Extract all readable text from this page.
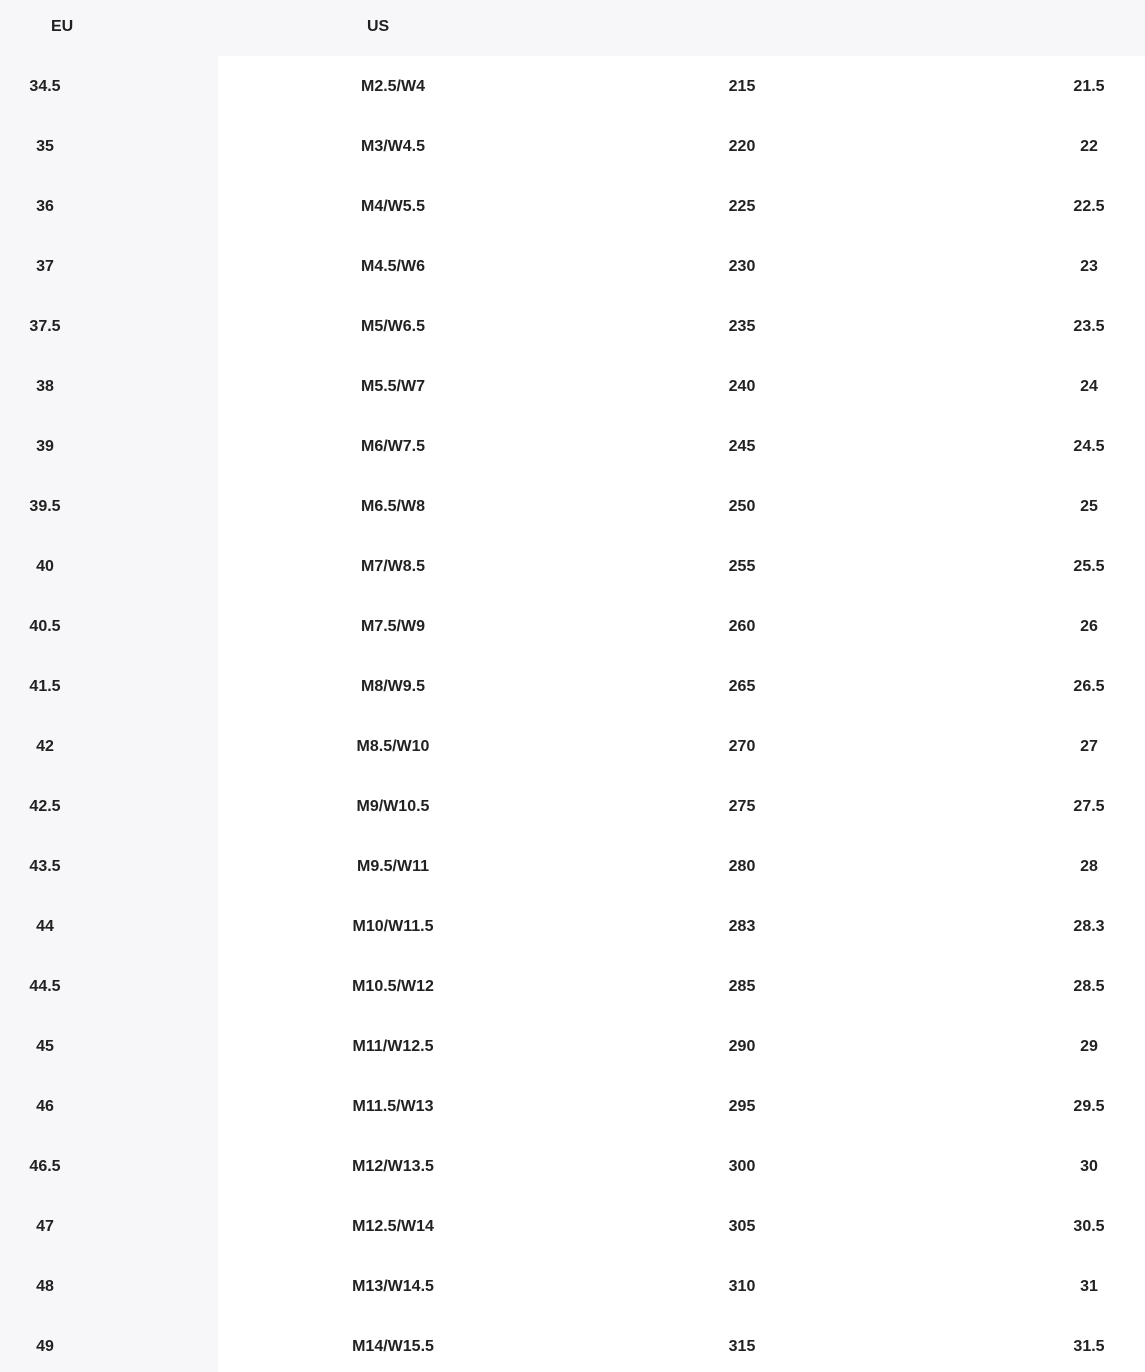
EU	US
34.5	M2.5/W4	215	21.5
35	M3/W4.5	220	22
36	M4/W5.5	225	22.5
37	M4.5/W6	230	23
37.5	M5/W6.5	235	23.5
38	M5.5/W7	240	24
39	M6/W7.5	245	24.5
39.5	M6.5/W8	250	25
40	M7/W8.5	255	25.5
40.5	M7.5/W9	260	26
41.5	M8/W9.5	265	26.5
42	M8.5/W10	270	27
42.5	M9/W10.5	275	27.5
43.5	M9.5/W11	280	28
44	M10/W11.5	283	28.3
44.5	M10.5/W12	285	28.5
45	M11/W12.5	290	29
46	M11.5/W13	295	29.5
46.5	M12/W13.5	300	30
47	M12.5/W14	305	30.5
48	M13/W14.5	310	31
49	M14/W15.5	315	31.5
